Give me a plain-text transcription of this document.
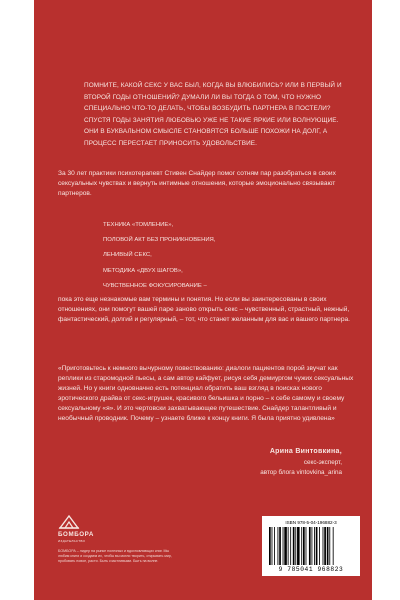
ПОМНИТЕ, КАКОЙ СЕКС У ВАС БЫЛ, КОГДА ВЫ ВЛЮБИЛИСЬ? ИЛИ В ПЕРВЫЙ И ВТОРОЙ ГОДЫ ОТНОШЕНИЙ? ДУМАЛИ ЛИ ВЫ ТОГДА О ТОМ, ЧТО НУЖНО СПЕЦИАЛЬНО ЧТО-ТО ДЕЛАТЬ, ЧТОБЫ ВОЗБУДИТЬ ПАРТНЕРА В ПОСТЕЛИ? СПУСТЯ ГОДЫ ЗАНЯТИЯ ЛЮБОВЬЮ УЖЕ НЕ ТАКИЕ ЯРКИЕ ИЛИ ВОЛНУЮЩИЕ. ОНИ В БУКВАЛЬНОМ СМЫСЛЕ СТАНОВЯТСЯ БОЛЬШЕ ПОХОЖИ НА ДОЛГ, А ПРОЦЕСС ПЕРЕСТАЕТ ПРИНОСИТЬ УДОВОЛЬСТВИЕ.

За 30 лет практики психотерапевт Стивен Снайдер помог сотням пар разобраться в своих сексуальных чувствах и вернуть интимные отношения, которые эмоционально связывают партнеров.

ТЕХНИКА «ТОМЛЕНИЕ»,
ПОЛОВОЙ АКТ БЕЗ ПРОНИКНОВЕНИЯ,
ЛЕНИВЫЙ СЕКС,
МЕТОДИКА «ДВУХ ШАГОВ»,
ЧУВСТВЕННОЕ ФОКУСИРОВАНИЕ –

пока это еще незнакомые вам термины и понятия. Но если вы заинтересованы в своих отношениях, они помогут вашей паре заново открыть секс – чувственный, страстный, нежный, фантастический, долгий и регулярный, – тот, что станет желанным для вас и вашего партнера.

«Приготовьтесь к немного вычурному повествованию: диалоги пациентов порой звучат как реплики из старомодной пьесы, а сам автор кайфует, рисуя себя демиургом чужих сексуальных жизней. Но у книги одновначно есть потенциал обратить ваш взгляд в поисках нового эротического драйва от секс-игрушек, красивого бельишка и порно – к себе самому и своему сексуальному «я». И это чертовски захватывающее путешествие. Снайдер талантливый и необычный проводник. Почему – узнаете ближе к концу книги. Я была приятно удивлена»

Арина Винтовкина,
секс-эксперт,
автор блога vintovkina_arina
БОМБОРА
ИЗДАТЕЛЬСТВО
БОМБОРА – лидер на рынке полезных и вдохновляющих книг. Мы любим книги и создаем их, чтобы вы могли творить, открывать мир, пробовать новое, расти. Быть счастливыми. Быть на волне.
ISBN 978-5-04-196882-3
9 785041 968823
